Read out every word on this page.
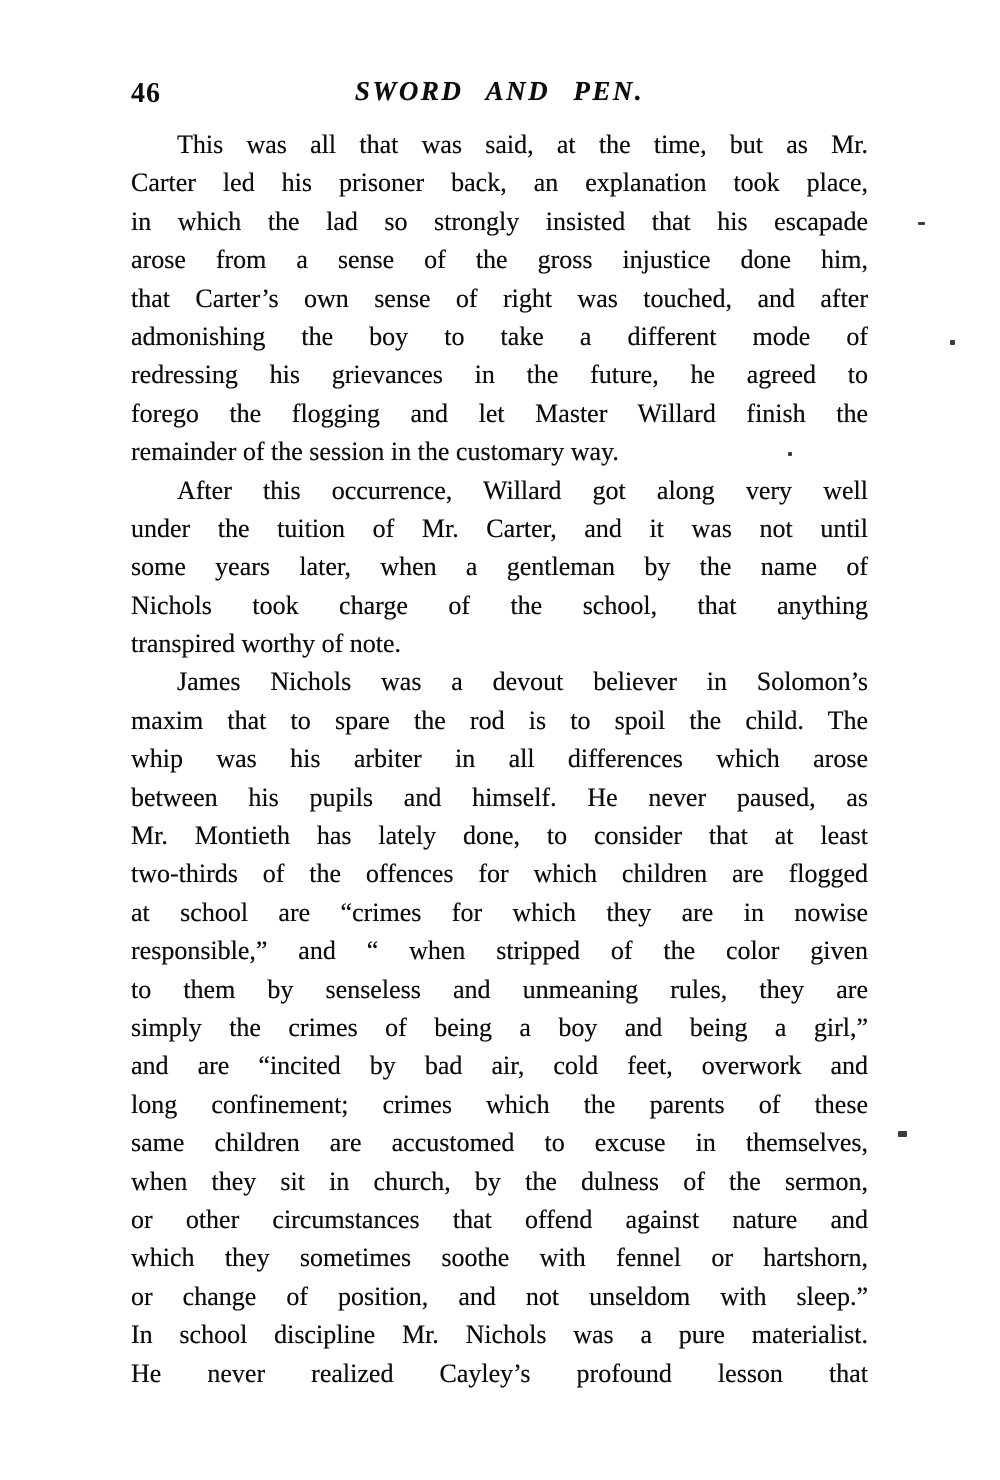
46	SWORD AND PEN.
This was all that was said, at the time, but as Mr.
Carter led his prisoner back, an explanation took place,
in which the lad so strongly insisted that his escapade
arose from a sense of the gross injustice done him,
that Carter’s own sense of right was touched, and after
admonishing the boy to take a different mode of
redressing his grievances in the future, he agreed to
forego the flogging and let Master Willard finish the
remainder of the session in the customary way.
After this occurrence, Willard got along very well
under the tuition of Mr. Carter, and it was not until
some years later, when a gentleman by the name of
Nichols took charge of the school, that anything
transpired worthy of note.
James Nichols was a devout believer in Solomon’s
maxim that to spare the rod is to spoil the child. The
whip was his arbiter in all differences which arose
between his pupils and himself. He never paused, as
Mr. Montieth has lately done, to consider that at least
two-thirds of the offences for which children are flogged
at school are “crimes for which they are in nowise
responsible,” and “ when stripped of the color given
to them by senseless and unmeaning rules, they are
simply the crimes of being a boy and being a girl,”
and are “incited by bad air, cold feet, overwork and
long confinement; crimes which the parents of these
same children are accustomed to excuse in themselves,
when they sit in church, by the dulness of the sermon,
or other circumstances that offend against nature and
which they sometimes soothe with fennel or hartshorn,
or change of position, and not unseldom with sleep.”
In school discipline Mr. Nichols was a pure materialist.
He never realized Cayley’s profound lesson that
